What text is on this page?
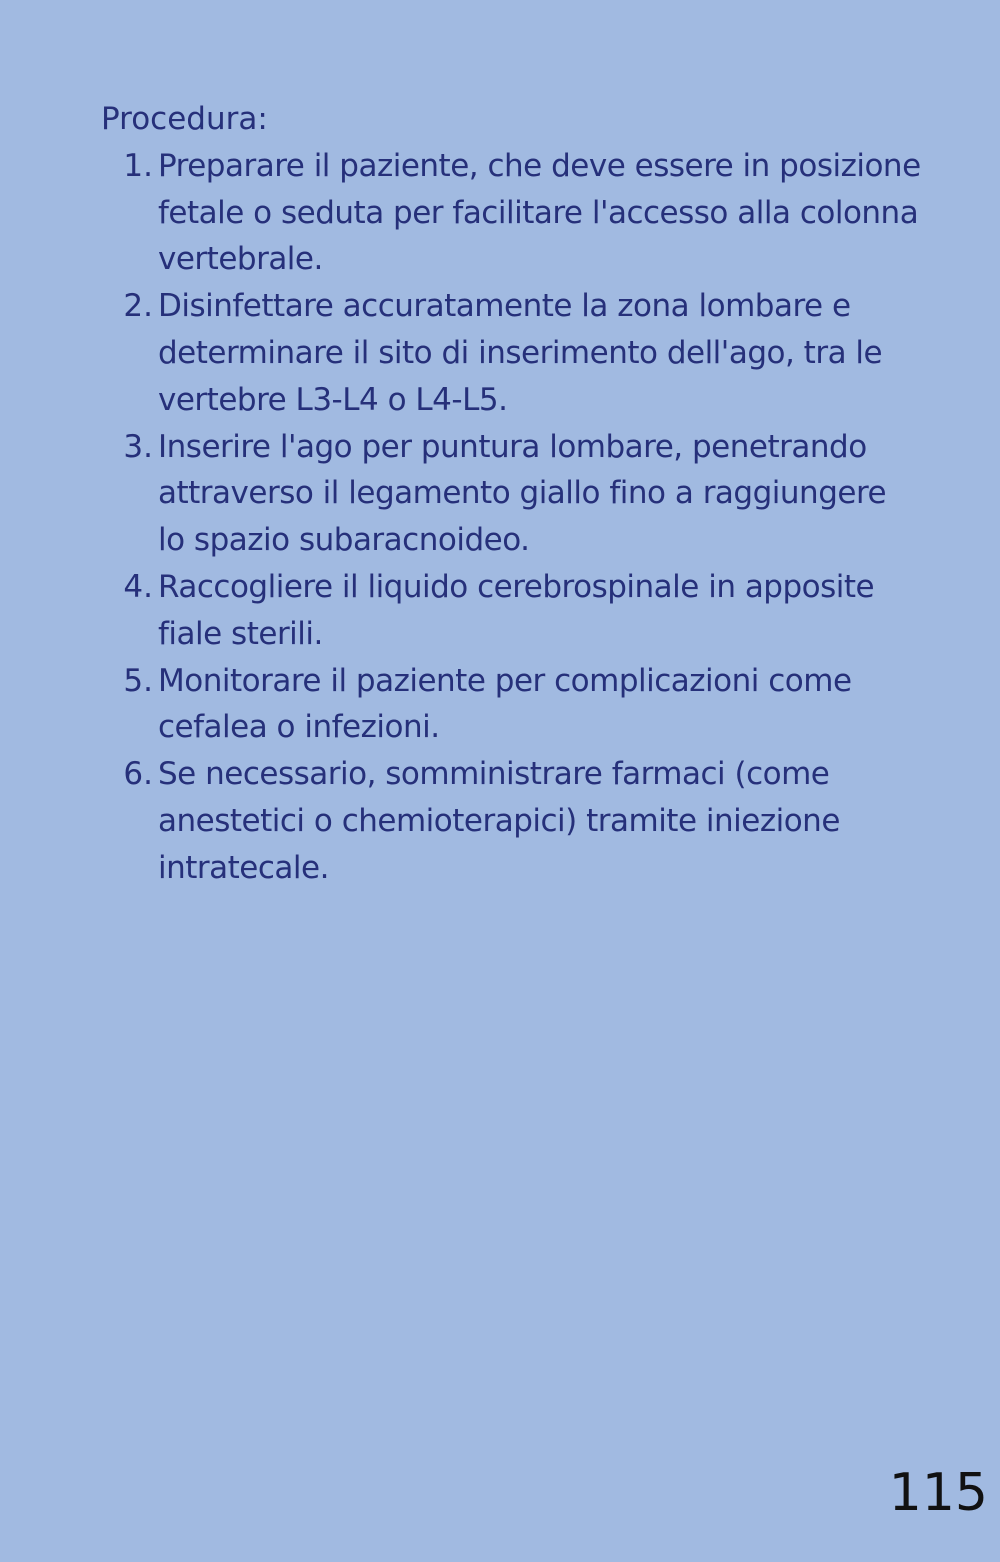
Procedura:

1. Preparare il paziente, che deve essere in posizione fetale o seduta per facilitare l'accesso alla colonna vertebrale.
2. Disinfettare accuratamente la zona lombare e determinare il sito di inserimento dell'ago, tra le vertebre L3-L4 o L4-L5.
3. Inserire l'ago per puntura lombare, penetrando attraverso il legamento giallo fino a raggiungere lo spazio subaracnoideo.
4. Raccogliere il liquido cerebrospinale in apposite fiale sterili.
5. Monitorare il paziente per complicazioni come cefalea o infezioni.
6. Se necessario, somministrare farmaci (come anestetici o chemioterapici) tramite iniezione intratecale.
115
